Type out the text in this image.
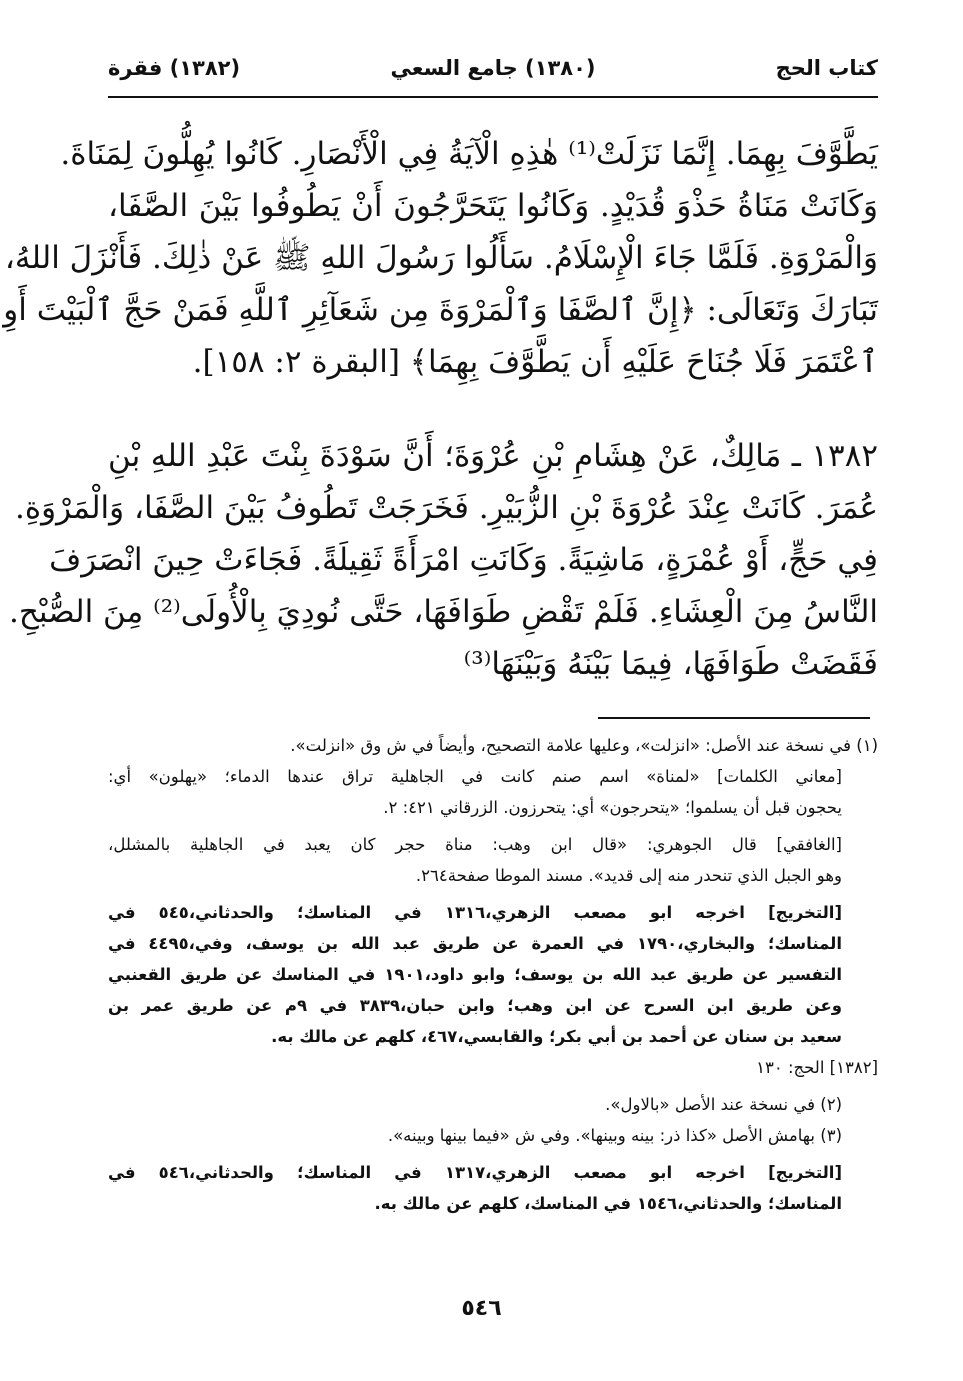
كتاب الحج
(١٣٨٠) جامع السعي
(١٣٨٢) فقرة
يَطَّوَّفَ بِهِمَا. إِنَّمَا نَزَلَتْ⁽¹⁾ هٰذِهِ الْآيَةُ فِي الْأَنْصَارِ. كَانُوا يُهِلُّونَ لِمَنَاةَ.
وَكَانَتْ مَنَاةُ حَذْوَ قُدَيْدٍ. وَكَانُوا يَتَحَرَّجُونَ أَنْ يَطُوفُوا بَيْنَ الصَّفَا،
وَالْمَرْوَةِ. فَلَمَّا جَاءَ الْإِسْلَامُ. سَأَلُوا رَسُولَ اللهِ ﷺ عَنْ ذٰلِكَ. فَأَنْزَلَ اللهُ،
تَبَارَكَ وَتَعَالَى: ﴿إِنَّ ٱلصَّفَا وَٱلْمَرْوَةَ مِن شَعَآئِرِ ٱللَّهِ فَمَنْ حَجَّ ٱلْبَيْتَ أَوِ
ٱعْتَمَرَ فَلَا جُنَاحَ عَلَيْهِ أَن يَطَّوَّفَ بِهِمَا﴾ [البقرة ٢: ١٥٨].
١٣٨٢ ـ مَالِكٌ، عَنْ هِشَامِ بْنِ عُرْوَةَ؛ أَنَّ سَوْدَةَ بِنْتَ عَبْدِ اللهِ بْنِ
عُمَرَ. كَانَتْ عِنْدَ عُرْوَةَ بْنِ الزُّبَيْرِ. فَخَرَجَتْ تَطُوفُ بَيْنَ الصَّفَا، وَالْمَرْوَةِ.
فِي حَجٍّ، أَوْ عُمْرَةٍ، مَاشِيَةً. وَكَانَتِ امْرَأَةً ثَقِيلَةً. فَجَاءَتْ حِينَ انْصَرَفَ
النَّاسُ مِنَ الْعِشَاءِ. فَلَمْ تَقْضِ طَوَافَهَا، حَتَّى نُودِيَ بِالْأُولَى⁽²⁾ مِنَ الصُّبْحِ.
فَقَضَتْ طَوَافَهَا، فِيمَا بَيْنَهُ وَبَيْنَهَا⁽³⁾
(١) في نسخة عند الأصل: «انزلت»، وعليها علامة التصحيح، وأيضاً في ش وق «انزلت».
[معاني الكلمات] «لمناة» اسم صنم كانت في الجاهلية تراق عندها الدماء؛ «يهلون» أي:
يحجون قبل أن يسلموا؛ «يتحرجون» أي: يتحرزون. الزرقاني ٤٢١: ٢.
[الغافقي] قال الجوهري: «قال ابن وهب: مناة حجر كان يعبد في الجاهلية بالمشلل،
وهو الجبل الذي تنحدر منه إلى قديد». مسند الموطا صفحة٢٦٤.
[التخريج] اخرجه ابو مصعب الزهري،١٣١٦ في المناسك؛ والحدثاني،٥٤٥ في
المناسك؛ والبخاري،١٧٩٠ في العمرة عن طريق عبد الله بن يوسف، وفي،٤٤٩٥ في
التفسير عن طريق عبد الله بن يوسف؛ وابو داود،١٩٠١ في المناسك عن طريق القعنبي
وعن طريق ابن السرح عن ابن وهب؛ وابن حبان،٣٨٣٩ في ٩م عن طريق عمر بن
سعيد بن سنان عن أحمد بن أبي بكر؛ والقابسي،٤٦٧، كلهم عن مالك به.
[١٣٨٢] الحج: ١٣٠
(٢) في نسخة عند الأصل «بالاول».
(٣) بهامش الأصل «كذا ذر: بينه وبينها». وفي ش «فيما بينها وبينه».
[التخريج] اخرجه ابو مصعب الزهري،١٣١٧ في المناسك؛ والحدثاني،٥٤٦ في
المناسك؛ والحدثاني،١٥٤٦ في المناسك، كلهم عن مالك به.
٥٤٦
